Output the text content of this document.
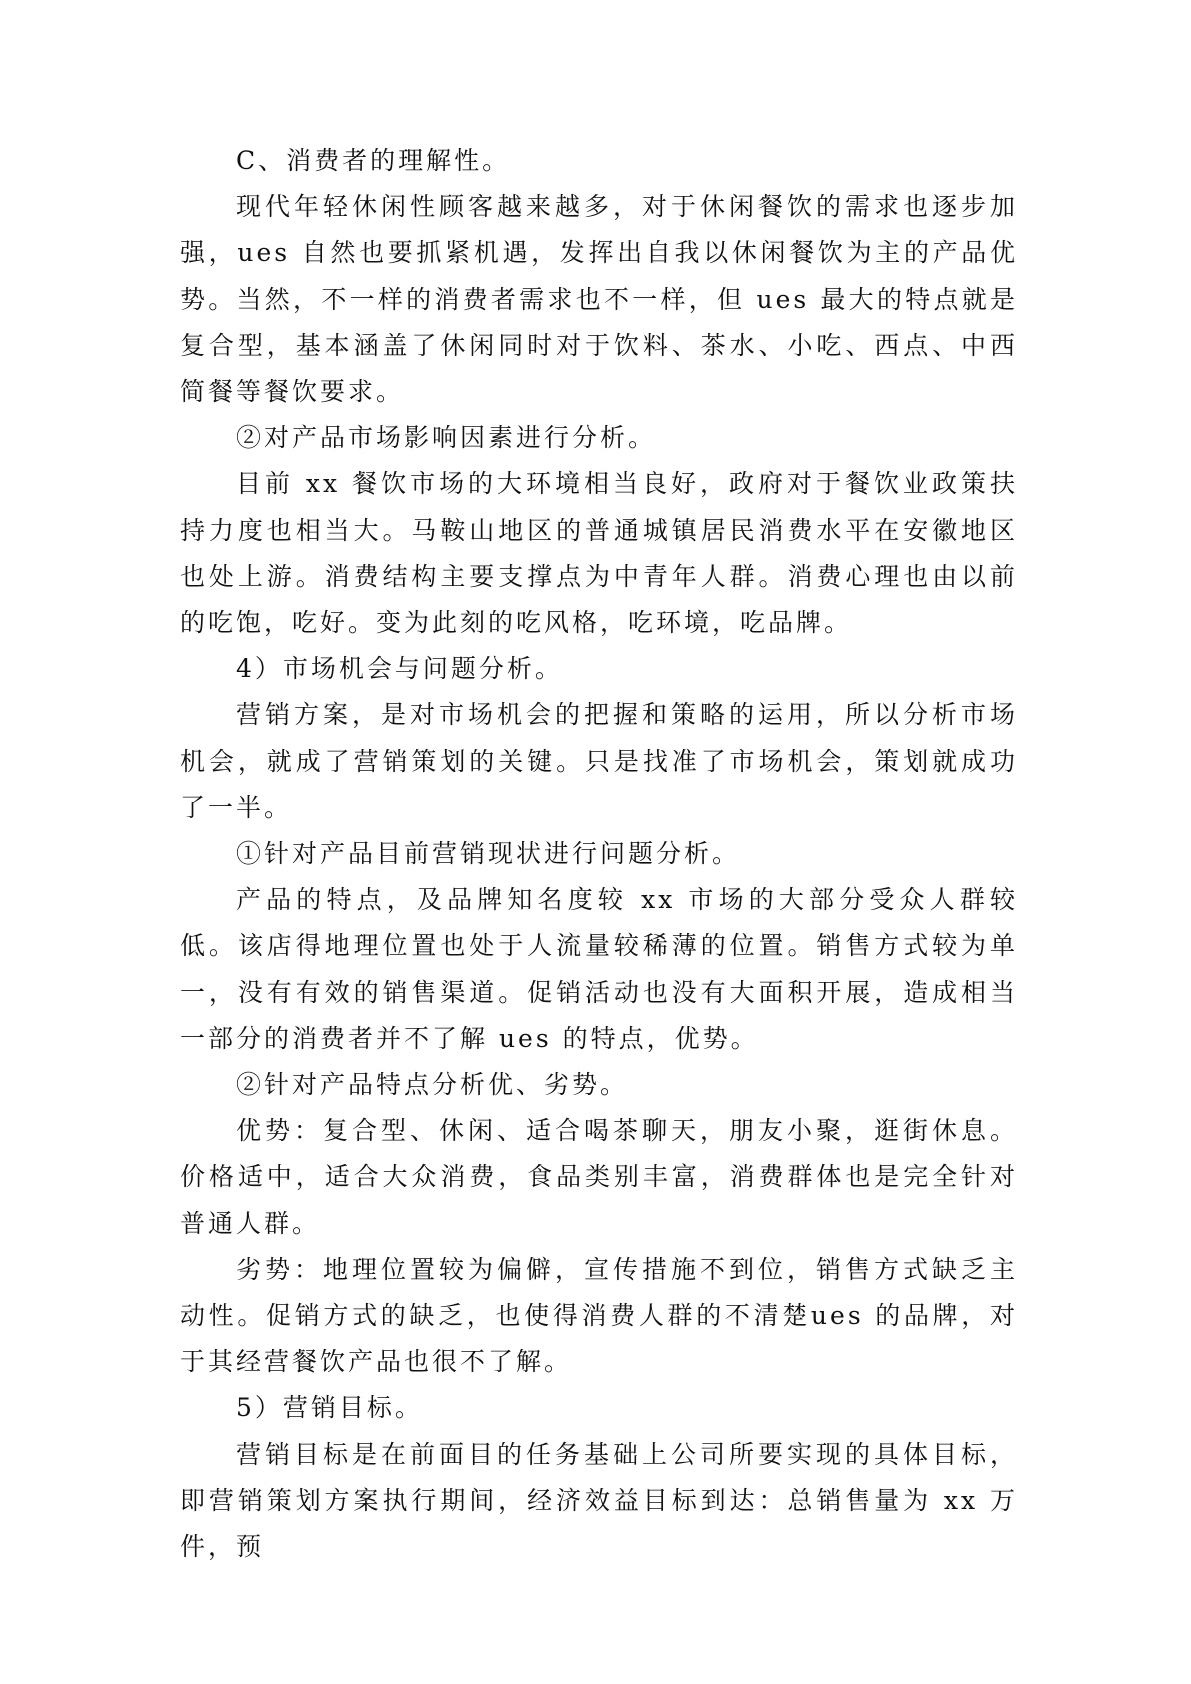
C、消费者的理解性。

现代年轻休闲性顾客越来越多，对于休闲餐饮的需求也逐步加强，ues 自然也要抓紧机遇，发挥出自我以休闲餐饮为主的产品优势。当然，不一样的消费者需求也不一样，但 ues 最大的特点就是复合型，基本涵盖了休闲同时对于饮料、茶水、小吃、西点、中西简餐等餐饮要求。

②对产品市场影响因素进行分析。

目前 xx 餐饮市场的大环境相当良好，政府对于餐饮业政策扶持力度也相当大。马鞍山地区的普通城镇居民消费水平在安徽地区也处上游。消费结构主要支撑点为中青年人群。消费心理也由以前的吃饱，吃好。变为此刻的吃风格，吃环境，吃品牌。

4）市场机会与问题分析。

营销方案，是对市场机会的把握和策略的运用，所以分析市场机会，就成了营销策划的关键。只是找准了市场机会，策划就成功了一半。

①针对产品目前营销现状进行问题分析。

产品的特点，及品牌知名度较 xx 市场的大部分受众人群较低。该店得地理位置也处于人流量较稀薄的位置。销售方式较为单一，没有有效的销售渠道。促销活动也没有大面积开展，造成相当一部分的消费者并不了解 ues 的特点，优势。

②针对产品特点分析优、劣势。

优势：复合型、休闲、适合喝茶聊天，朋友小聚，逛街休息。价格适中，适合大众消费，食品类别丰富，消费群体也是完全针对普通人群。

劣势：地理位置较为偏僻，宣传措施不到位，销售方式缺乏主动性。促销方式的缺乏，也使得消费人群的不清楚ues 的品牌，对于其经营餐饮产品也很不了解。

5）营销目标。

营销目标是在前面目的任务基础上公司所要实现的具体目标，即营销策划方案执行期间，经济效益目标到达：总销售量为 xx 万件，预
